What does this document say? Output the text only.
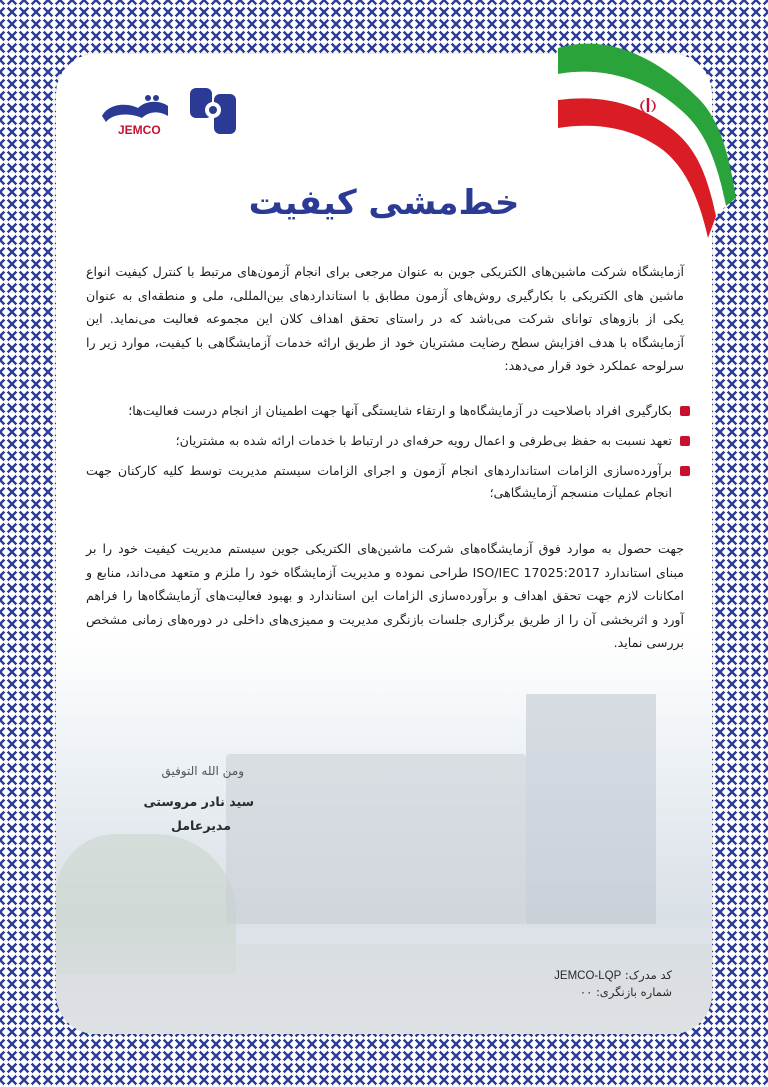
JEMCO
خط‌مشی کیفیت

آزمایشگاه شرکت ماشین‌های الکتریکی جوین به عنوان مرجعی برای انجام آزمون‌های مرتبط با کنترل کیفیت انواع ماشین های الکتریکی با بکارگیری روش‌های آزمون مطابق با استانداردهای بین‌المللی، ملی و منطقه‌ای به عنوان یکی از بازوهای توانای شرکت می‌باشد که در راستای تحقق اهداف کلان این مجموعه فعالیت می‌نماید. این آزمایشگاه با هدف افزایش سطح رضایت مشتریان خود از طریق ارائه خدمات آزمایشگاهی با کیفیت، موارد زیر را سرلوحه عملکرد خود قرار می‌دهد:

بکارگیری افراد باصلاحیت در آزمایشگاه‌ها و ارتقاء شایستگی آنها جهت اطمینان از انجام درست فعالیت‌ها؛
تعهد نسبت به حفظ بی‌طرفی و اعمال رویه حرفه‌ای در ارتباط با خدمات ارائه شده به مشتریان؛
برآورده‌سازی الزامات استانداردهای انجام آزمون و اجرای الزامات سیستم مدیریت توسط کلیه کارکنان جهت انجام عملیات منسجم آزمایشگاهی؛

جهت حصول به موارد فوق آزمایشگاه‌های شرکت ماشین‌های الکتریکی جوین سیستم مدیریت کیفیت خود را بر مبنای استاندارد ISO/IEC 17025:2017 طراحی نموده و مدیریت آزمایشگاه خود را ملزم و متعهد می‌داند، منابع و امکانات لازم جهت تحقق اهداف و برآورده‌سازی الزامات این استاندارد و بهبود فعالیت‌های آزمایشگاه‌ها را فراهم آورد و اثربخشی آن را از طریق برگزاری جلسات بازنگری مدیریت و ممیزی‌های داخلی در دوره‌های زمانی مشخص بررسی نماید.

ومن الله التوفیق
سید نادر مروستی
مدیرعامل
کد مدرک: JEMCO-LQP
شماره بازنگری: ۰۰
